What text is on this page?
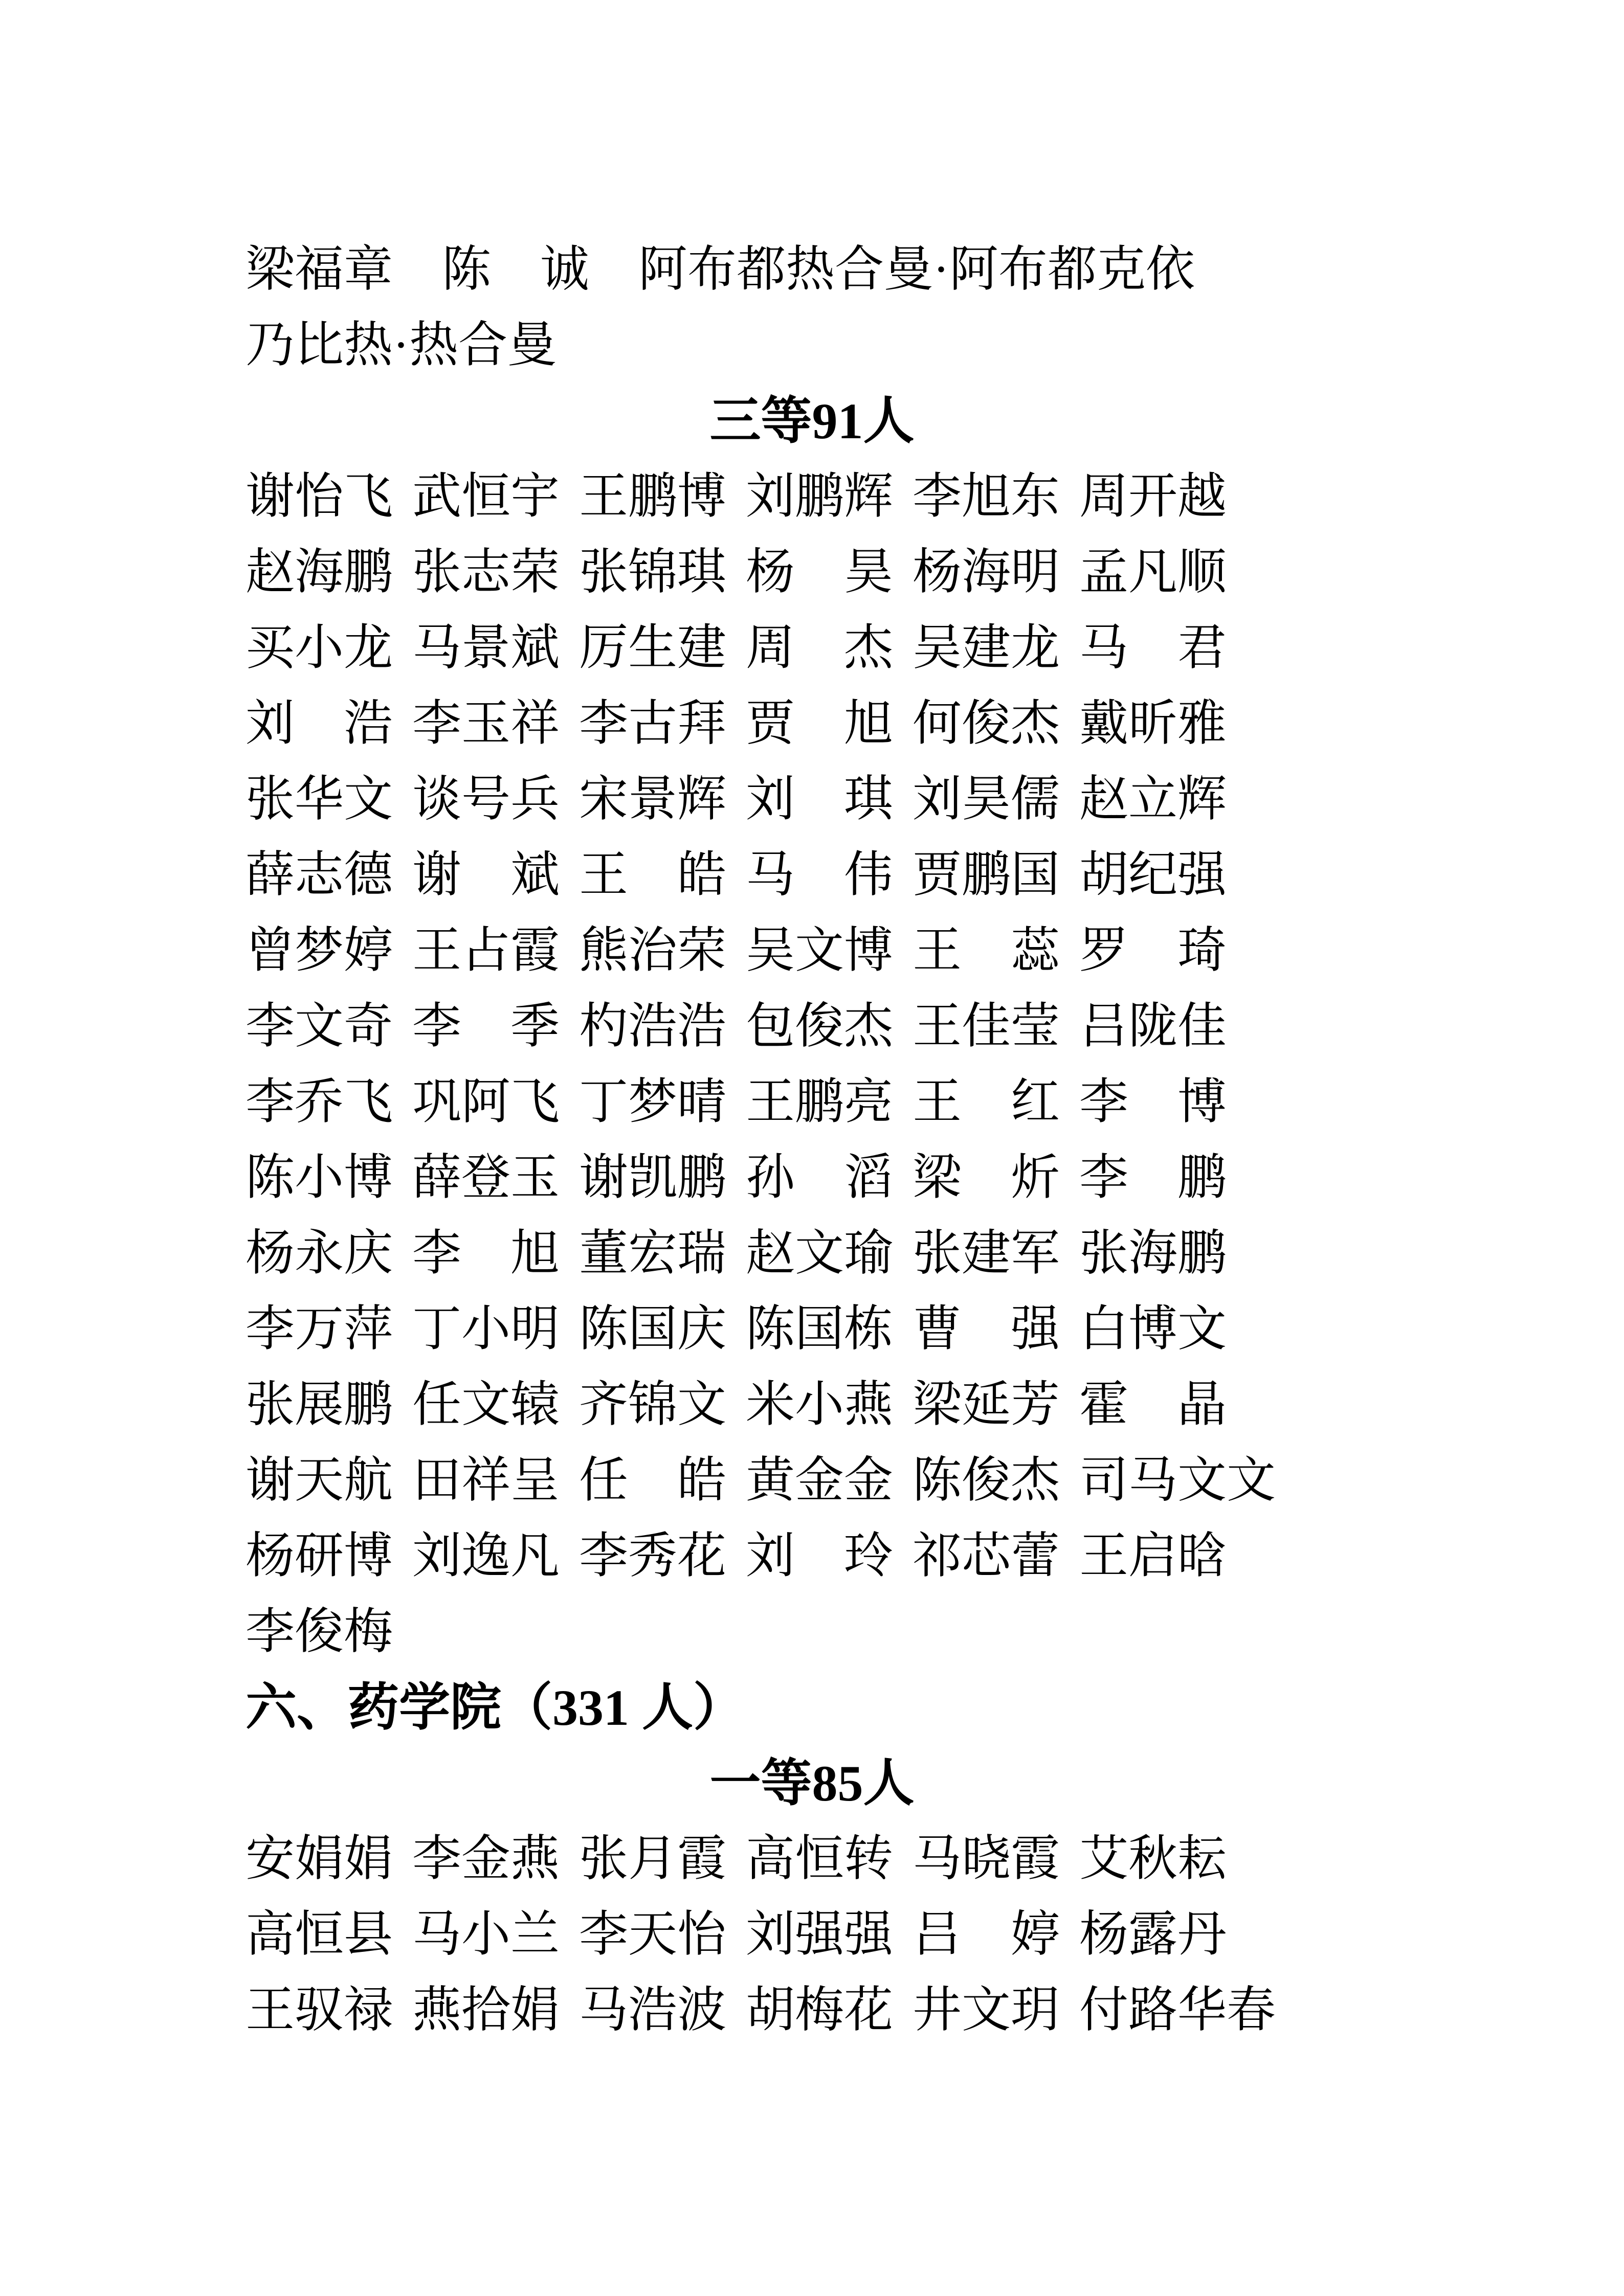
梁福章　陈　诚　阿布都热合曼·阿布都克依
乃比热·热合曼
三等91人
谢怡飞 武恒宇 王鹏博 刘鹏辉 李旭东 周开越
赵海鹏 张志荣 张锦琪 杨　昊 杨海明 孟凡顺
买小龙 马景斌 厉生建 周　杰 吴建龙 马　君
刘　浩 李玉祥 李古拜 贾　旭 何俊杰 戴昕雅
张华文 谈号兵 宋景辉 刘　琪 刘昊儒 赵立辉
薛志德 谢　斌 王　皓 马　伟 贾鹏国 胡纪强
曾梦婷 王占霞 熊治荣 吴文博 王　蕊 罗　琦
李文奇 李　季 杓浩浩 包俊杰 王佳莹 吕陇佳
李乔飞 巩阿飞 丁梦晴 王鹏亮 王　红 李　博
陈小博 薛登玉 谢凯鹏 孙　滔 梁　炘 李　鹏
杨永庆 李　旭 董宏瑞 赵文瑜 张建军 张海鹏
李万萍 丁小明 陈国庆 陈国栋 曹　强 白博文
张展鹏 任文辕 齐锦文 米小燕 梁延芳 霍　晶
谢天航 田祥呈 任　皓 黄金金 陈俊杰 司马文文
杨研博 刘逸凡 李秀花 刘　玲 祁芯蕾 王启晗
李俊梅
六、药学院（331 人）
一等85人
安娟娟 李金燕 张月霞 高恒转 马晓霞 艾秋耘
高恒县 马小兰 李天怡 刘强强 吕　婷 杨露丹
王驭禄 燕拾娟 马浩波 胡梅花 井文玥 付路华春
